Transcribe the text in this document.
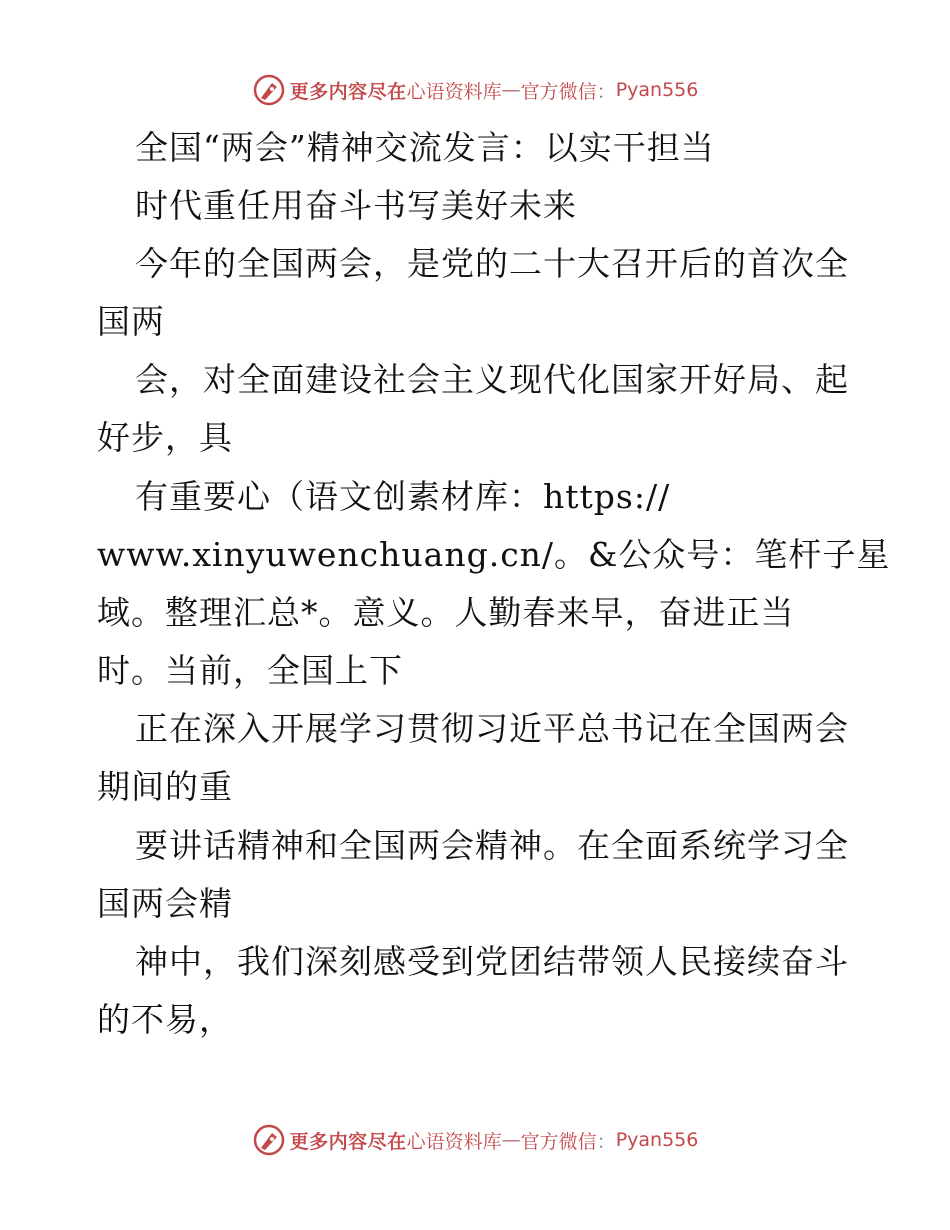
更多内容尽在 心语资料库 — 官方微信 ： Pyan556
全国“两会”精神交流发言：以实干担当
时代重任用奋斗书写美好未来
今年的全国两会，是党的二十大召开后的首次全
国两
会，对全面建设社会主义现代化国家开好局、起
好步，具
有重要心（语文创素材库：https://
www.xinyuwenchuang.cn/。&公众号：笔杆子星
域。整理汇总*。意义。人勤春来早，奋进正当
时。当前，全国上下
正在深入开展学习贯彻习近平总书记在全国两会
期间的重
要讲话精神和全国两会精神。在全面系统学习全
国两会精
神中，我们深刻感受到党团结带领人民接续奋斗
的不易，
更多内容尽在 心语资料库 — 官方微信 ： Pyan556
